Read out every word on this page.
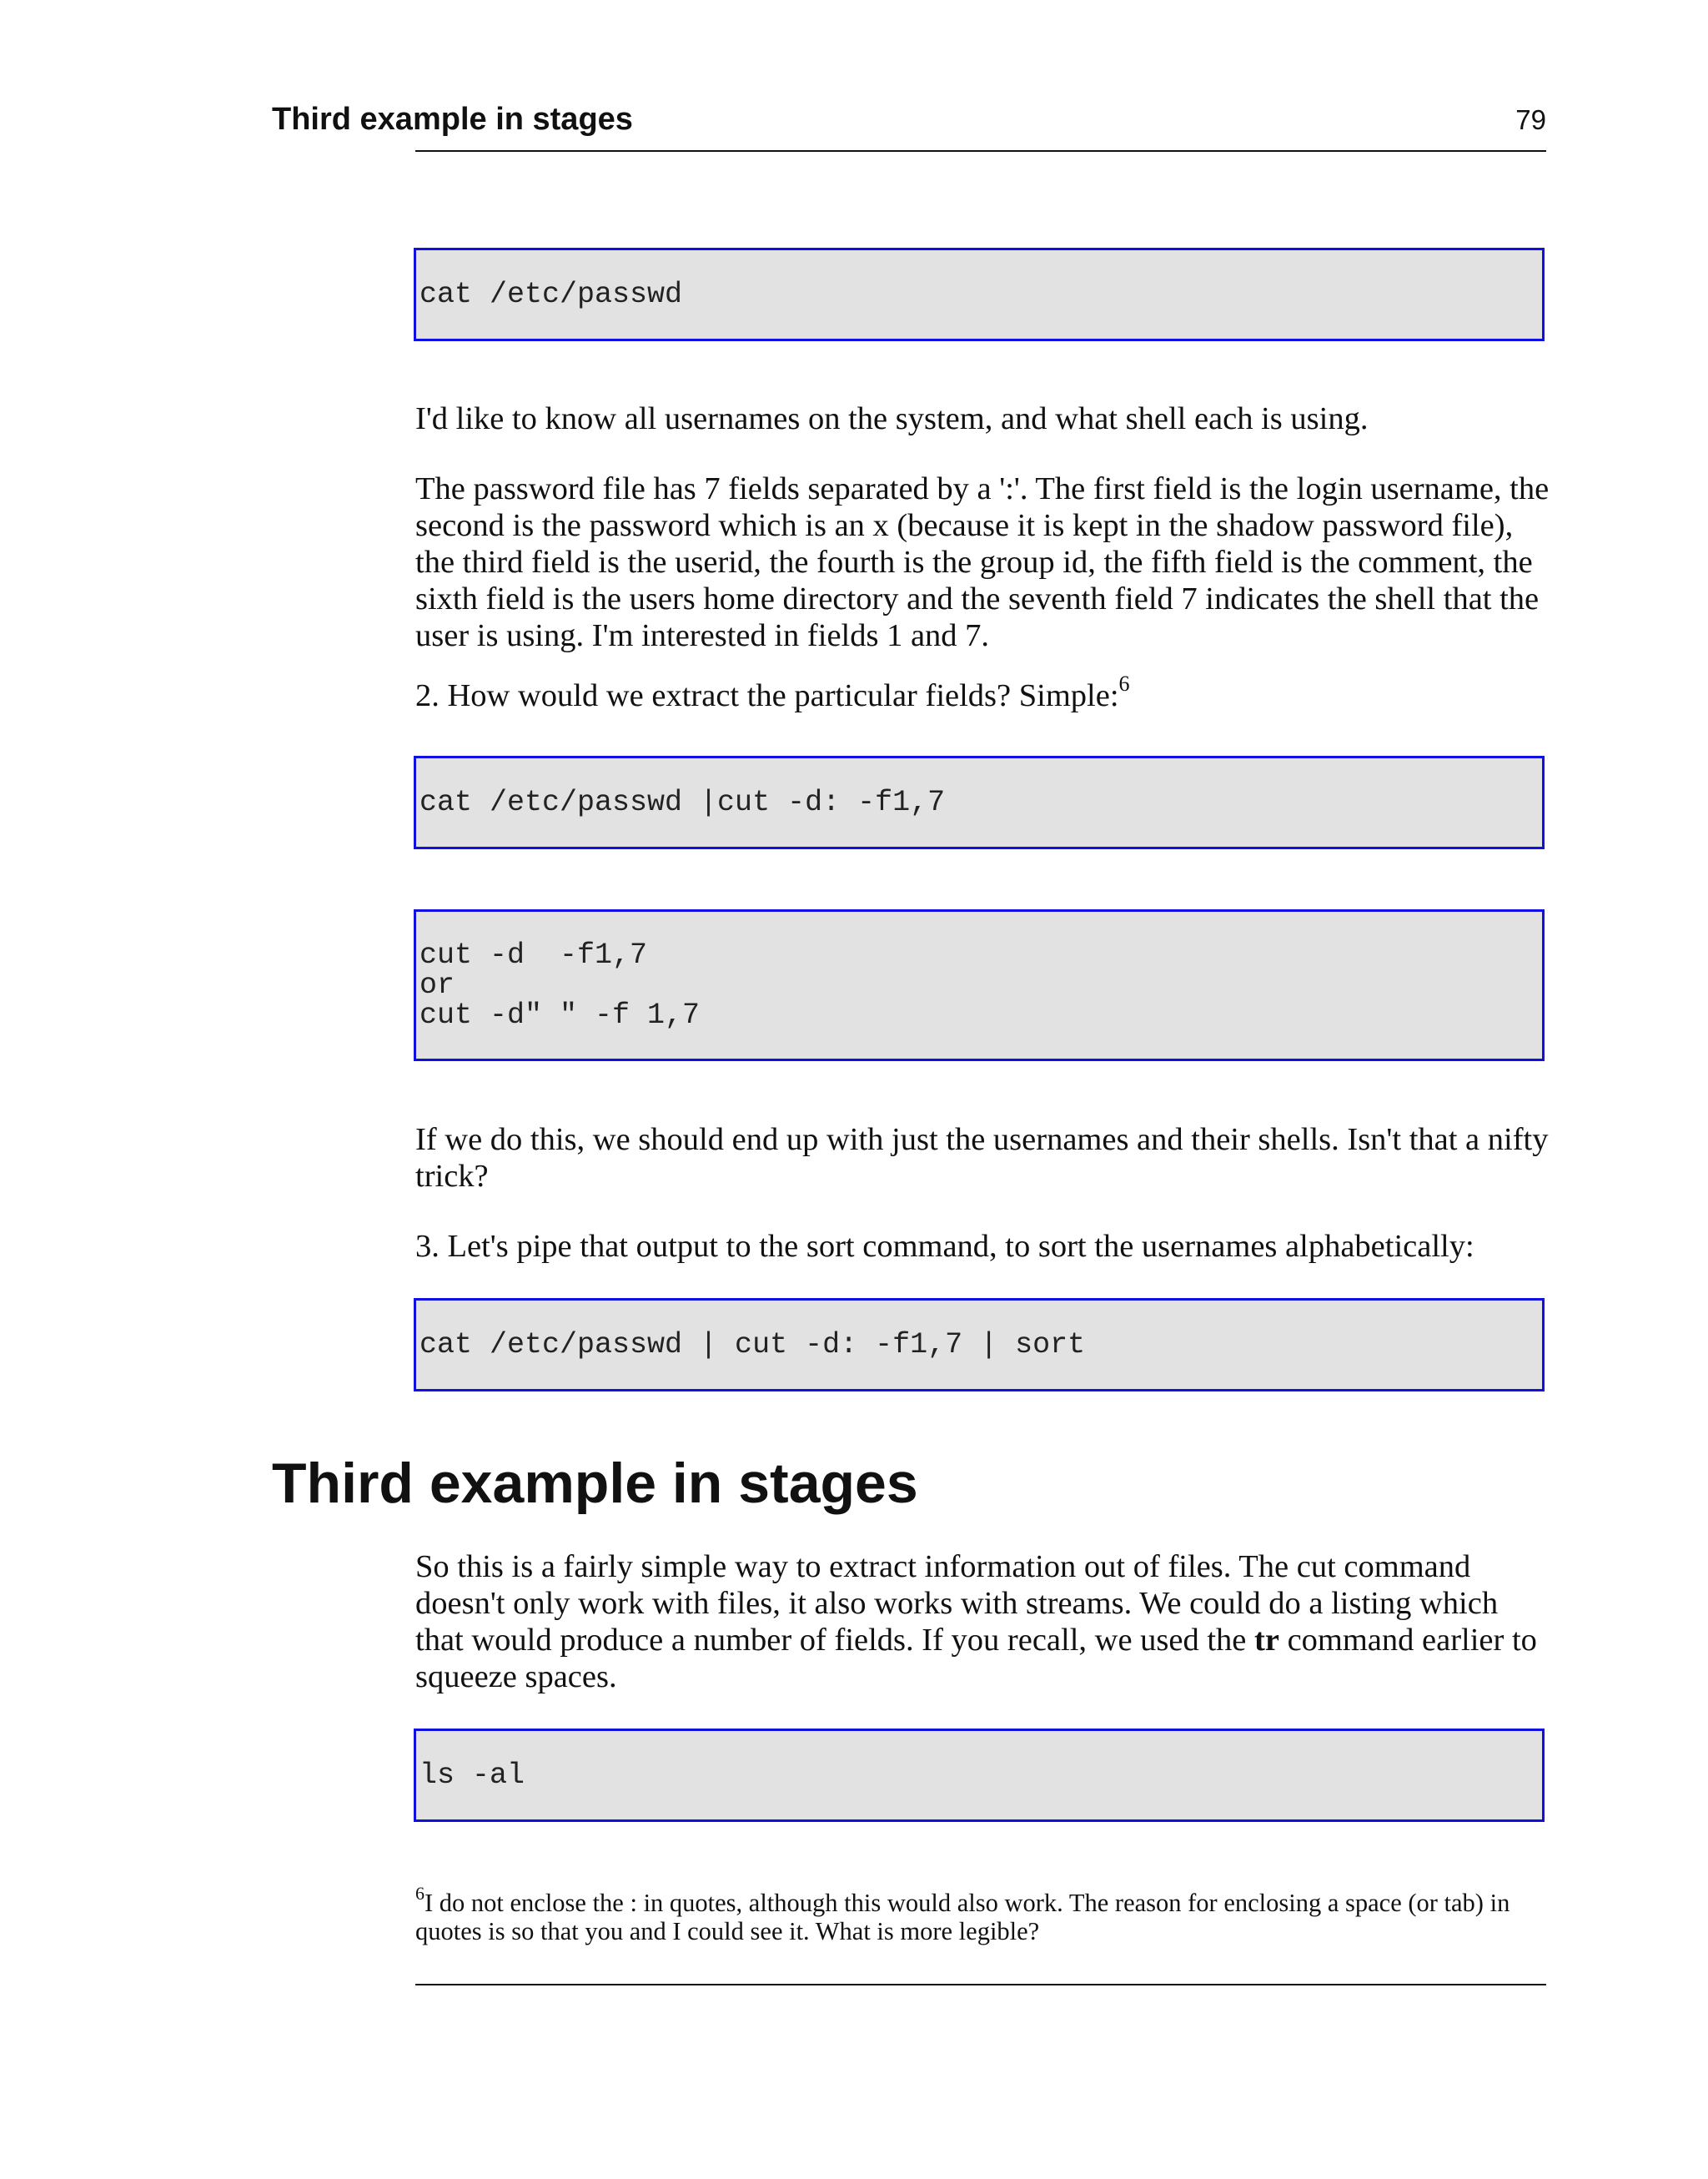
Third example in stages	79
cat /etc/passwd

I'd like to know all usernames on the system, and what shell each is using.

The password file has 7 fields separated by a ':'. The first field is the login username, the second is the password which is an x (because it is kept in the shadow password file), the third field is the userid, the fourth is the group id, the fifth field is the comment, the sixth field is the users home directory and the seventh field 7 indicates the shell that the user is using. I'm interested in fields 1 and 7.

2. How would we extract the particular fields? Simple:$^6$

cat /etc/passwd |cut -d: -f1,7
cut -d  -f1,7
or
cut -d" " -f 1,7

If we do this, we should end up with just the usernames and their shells. Isn't that a nifty trick?

3. Let's pipe that output to the sort command, to sort the usernames alphabetically:

cat /etc/passwd | cut -d: -f1,7 | sort
Third example in stages

So this is a fairly simple way to extract information out of files. The cut command doesn't only work with files, it also works with streams. We could do a listing which that would produce a number of fields. If you recall, we used the tr command earlier to squeeze spaces.

ls -al

$^6$I do not enclose the : in quotes, although this would also work. The reason for enclosing a space (or tab) in quotes is so that you and I could see it. What is more legible?
